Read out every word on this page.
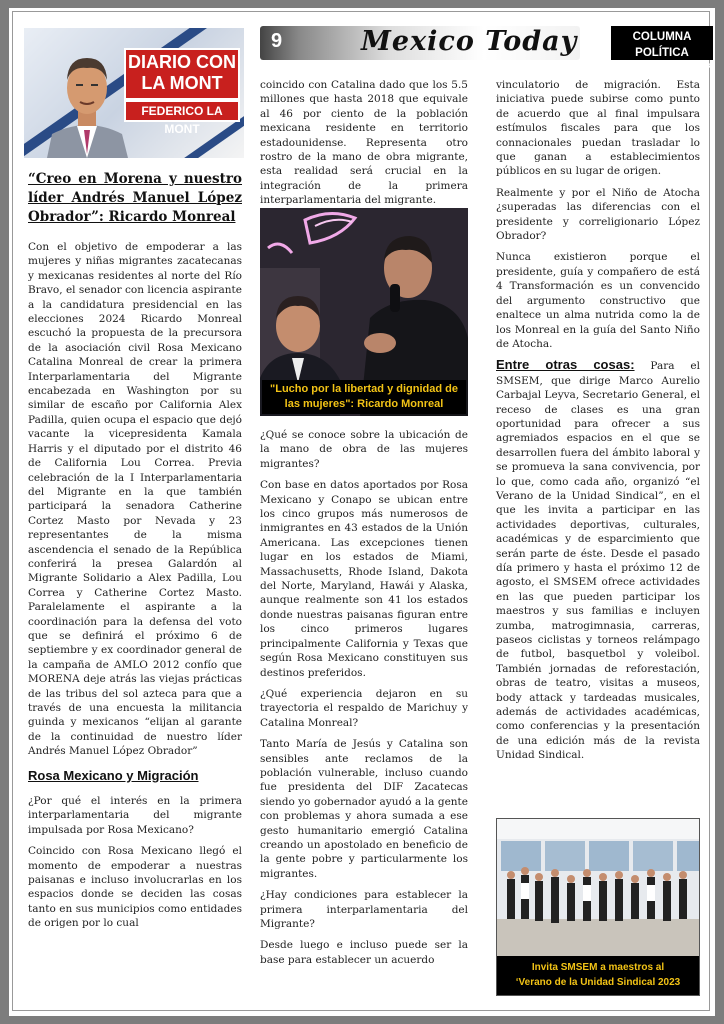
DIARIO CON LA MONT
FEDERICO LA MONT
9	Mexico Today	COLUMNA POLÍTICA
MARTES 8 DE AGOSTO 2023
“Creo en Morena y nuestro líder Andrés Manuel López Obrador”: Ricardo Monreal

Con el objetivo de empoderar a las mujeres y niñas migrantes zacatecanas y mexicanas residentes al norte del Río Bravo, el senador con licencia aspirante a la candidatura presidencial en las elecciones 2024 Ricardo Monreal escuchó la propuesta de la precursora de la asociación civil Rosa Mexicano Catalina Monreal de crear la primera Interparlamentaria del Migrante encabezada en Washington por su similar de escaño por California Alex Padilla, quien ocupa el espacio que dejó vacante la vicepresidenta Kamala Harris y el diputado por el distrito 46 de California Lou Correa. Previa celebración de la I Interparlamentaria del Migrante en la que también participará la senadora Catherine Cortez Masto por Nevada y 23 representantes de la misma ascendencia el senado de la República conferirá la presea Galardón al Migrante Solidario a Alex Padilla, Lou Correa y Catherine Cortez Masto. Paralelamente el aspirante a la coordinación para la defensa del voto que se definirá el próximo 6 de septiembre y ex coordinador general de la campaña de AMLO 2012 confío que MORENA deje atrás las viejas prácticas de las tribus del sol azteca para que a través de una encuesta la militancia guinda y mexicanos “elijan al garante de la continuidad de nuestro líder Andrés Manuel López Obrador”

Rosa Mexicano y Migración

¿Por qué el interés en la primera interparlamentaria del migrante impulsada por Rosa Mexicano?

Coincido con Rosa Mexicano llegó el momento de empoderar a nuestras paisanas e incluso involucrarlas en los espacios donde se deciden las cosas tanto en sus municipios como entidades de origen por lo cual

coincido con Catalina dado que los 5.5 millones que hasta 2018 que equivale al 46 por ciento de la población mexicana residente en territorio estadounidense. Representa otro rostro de la mano de obra migrante, esta realidad será crucial en la integración de la primera interparlamentaria del migrante.

"Lucho por la libertad y dignidad de las mujeres": Ricardo Monreal

¿Qué se conoce sobre la ubicación de la mano de obra de las mujeres migrantes?

Con base en datos aportados por Rosa Mexicano y Conapo se ubican entre los cinco grupos más numerosos de inmigrantes en 43 estados de la Unión Americana. Las excepciones tienen lugar en los estados de Miami, Massachusetts, Rhode Island, Dakota del Norte, Maryland, Hawái y Alaska, aunque realmente son 41 los estados donde nuestras paisanas figuran entre los cinco primeros lugares principalmente California y Texas que según Rosa Mexicano constituyen sus destinos preferidos.

¿Qué experiencia dejaron en su trayectoria el respaldo de Marichuy y Catalina Monreal?

Tanto María de Jesús y Catalina son sensibles ante reclamos de la población vulnerable, incluso cuando fue presidenta del DIF Zacatecas siendo yo gobernador ayudó a la gente con problemas y ahora sumada a ese gesto humanitario emergió Catalina creando un apostolado en beneficio de la gente pobre y particularmente los migrantes.

¿Hay condiciones para establecer la primera interparlamentaria del Migrante?

Desde luego e incluso puede ser la base para establecer un acuerdo

vinculatorio de migración. Esta iniciativa puede subirse como punto de acuerdo que al final impulsara estímulos fiscales para que los connacionales puedan trasladar lo que ganan a establecimientos públicos en su lugar de origen.

Realmente y por el Niño de Atocha ¿superadas las diferencias con el presidente y correligionario López Obrador?

Nunca existieron porque el presidente, guía y compañero de está 4 Transformación es un convencido del argumento constructivo que enaltece un alma nutrida como la de los Monreal en la guía del Santo Niño de Atocha.

Entre otras cosas: Para el SMSEM, que dirige Marco Aurelio Carbajal Leyva, Secretario General, el receso de clases es una gran oportunidad para ofrecer a sus agremiados espacios en el que se desarrollen fuera del ámbito laboral y se promueva la sana convivencia, por lo que, como cada año, organizó “el Verano de la Unidad Sindical”, en el que les invita a participar en las actividades deportivas, culturales, académicas y de esparcimiento que serán parte de éste. Desde el pasado día primero y hasta el próximo 12 de agosto, el SMSEM ofrece actividades en las que pueden participar los maestros y sus familias e incluyen zumba, matrogimnasia, carreras, paseos ciclistas y torneos relámpago de futbol, basquetbol y voleibol. También jornadas de reforestación, obras de teatro, visitas a museos, body attack y tardeadas musicales, además de actividades académicas, como conferencias y la presentación de una edición más de la revista Unidad Sindical.

Invita SMSEM a maestros al
‘Verano de la Unidad Sindical 2023
